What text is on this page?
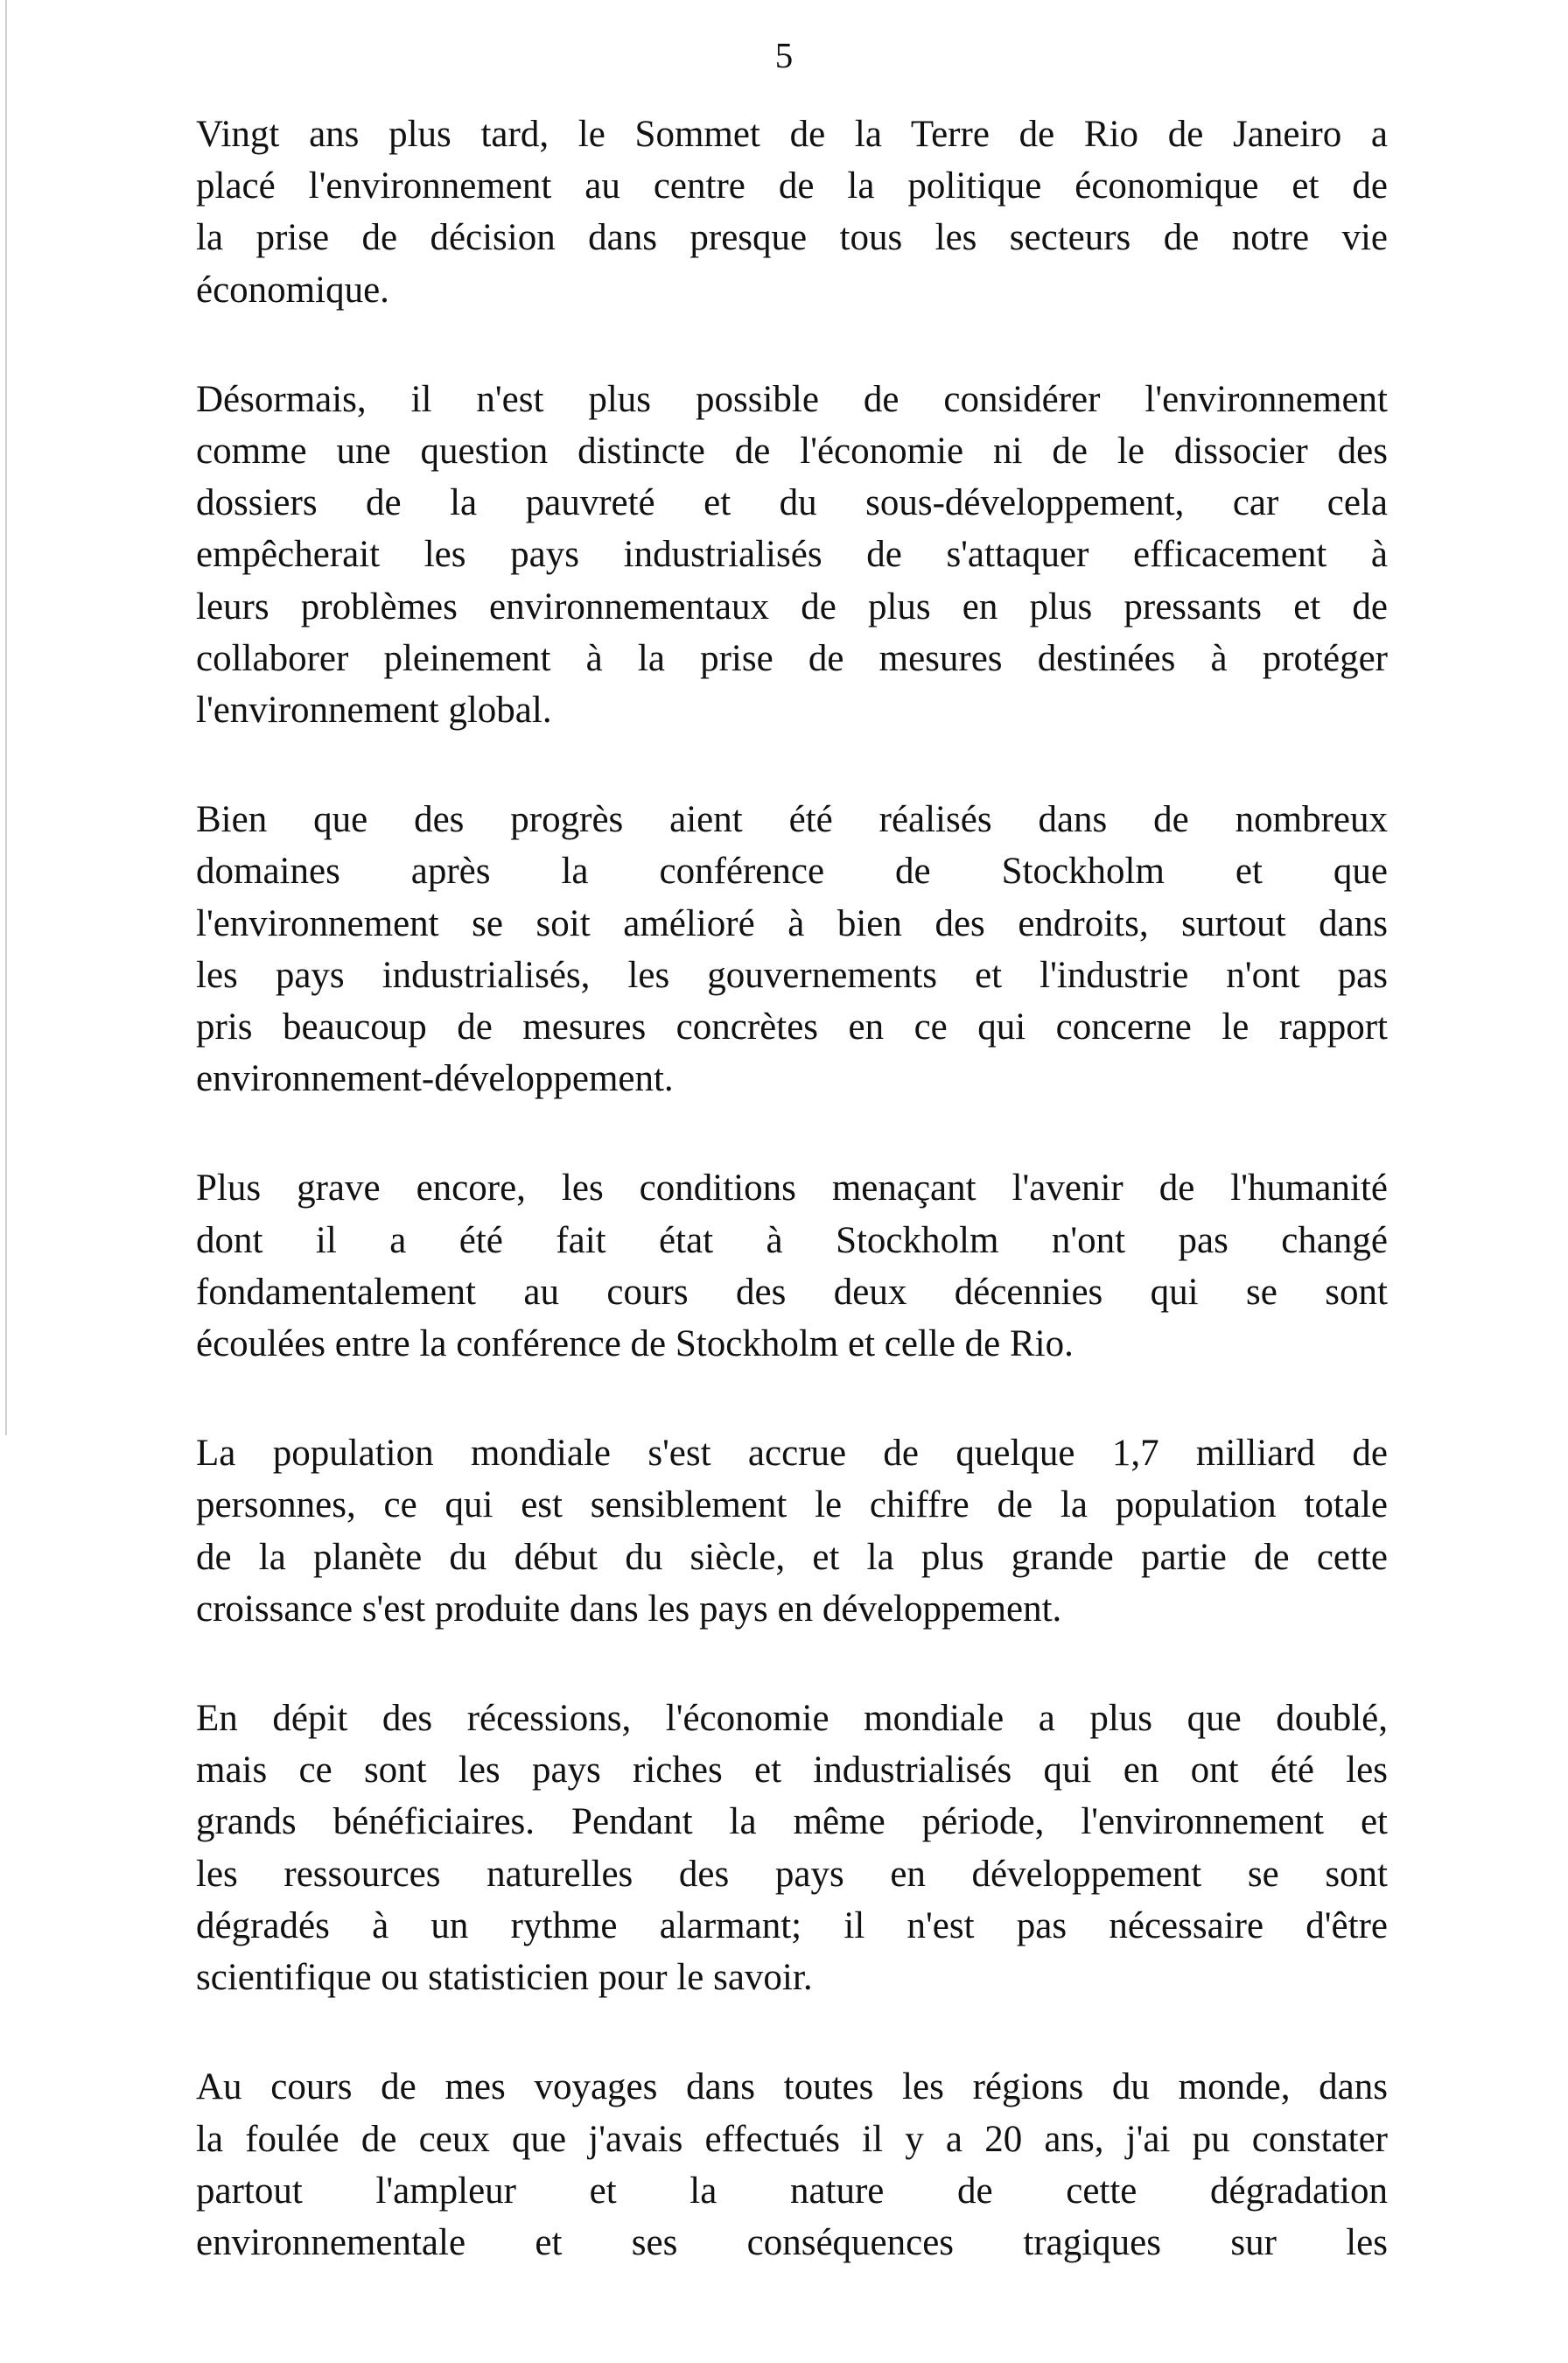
5

Vingt ans plus tard, le Sommet de la Terre de Rio de Janeiro a
placé l'environnement au centre de la politique économique et de
la prise de décision dans presque tous les secteurs de notre vie
économique.

Désormais, il n'est plus possible de considérer l'environnement
comme une question distincte de l'économie ni de le dissocier des
dossiers de la pauvreté et du sous-développement, car cela
empêcherait les pays industrialisés de s'attaquer efficacement à
leurs problèmes environnementaux de plus en plus pressants et de
collaborer pleinement à la prise de mesures destinées à protéger
l'environnement global.

Bien que des progrès aient été réalisés dans de nombreux
domaines après la conférence de Stockholm et que
l'environnement se soit amélioré à bien des endroits, surtout dans
les pays industrialisés, les gouvernements et l'industrie n'ont pas
pris beaucoup de mesures concrètes en ce qui concerne le rapport
environnement-développement.

Plus grave encore, les conditions menaçant l'avenir de l'humanité
dont il a été fait état à Stockholm n'ont pas changé
fondamentalement au cours des deux décennies qui se sont
écoulées entre la conférence de Stockholm et celle de Rio.

La population mondiale s'est accrue de quelque 1,7 milliard de
personnes, ce qui est sensiblement le chiffre de la population totale
de la planète du début du siècle, et la plus grande partie de cette
croissance s'est produite dans les pays en développement.

En dépit des récessions, l'économie mondiale a plus que doublé,
mais ce sont les pays riches et industrialisés qui en ont été les
grands bénéficiaires. Pendant la même période, l'environnement et
les ressources naturelles des pays en développement se sont
dégradés à un rythme alarmant; il n'est pas nécessaire d'être
scientifique ou statisticien pour le savoir.

Au cours de mes voyages dans toutes les régions du monde, dans
la foulée de ceux que j'avais effectués il y a 20 ans, j'ai pu constater
partout l'ampleur et la nature de cette dégradation
environnementale et ses conséquences tragiques sur les
